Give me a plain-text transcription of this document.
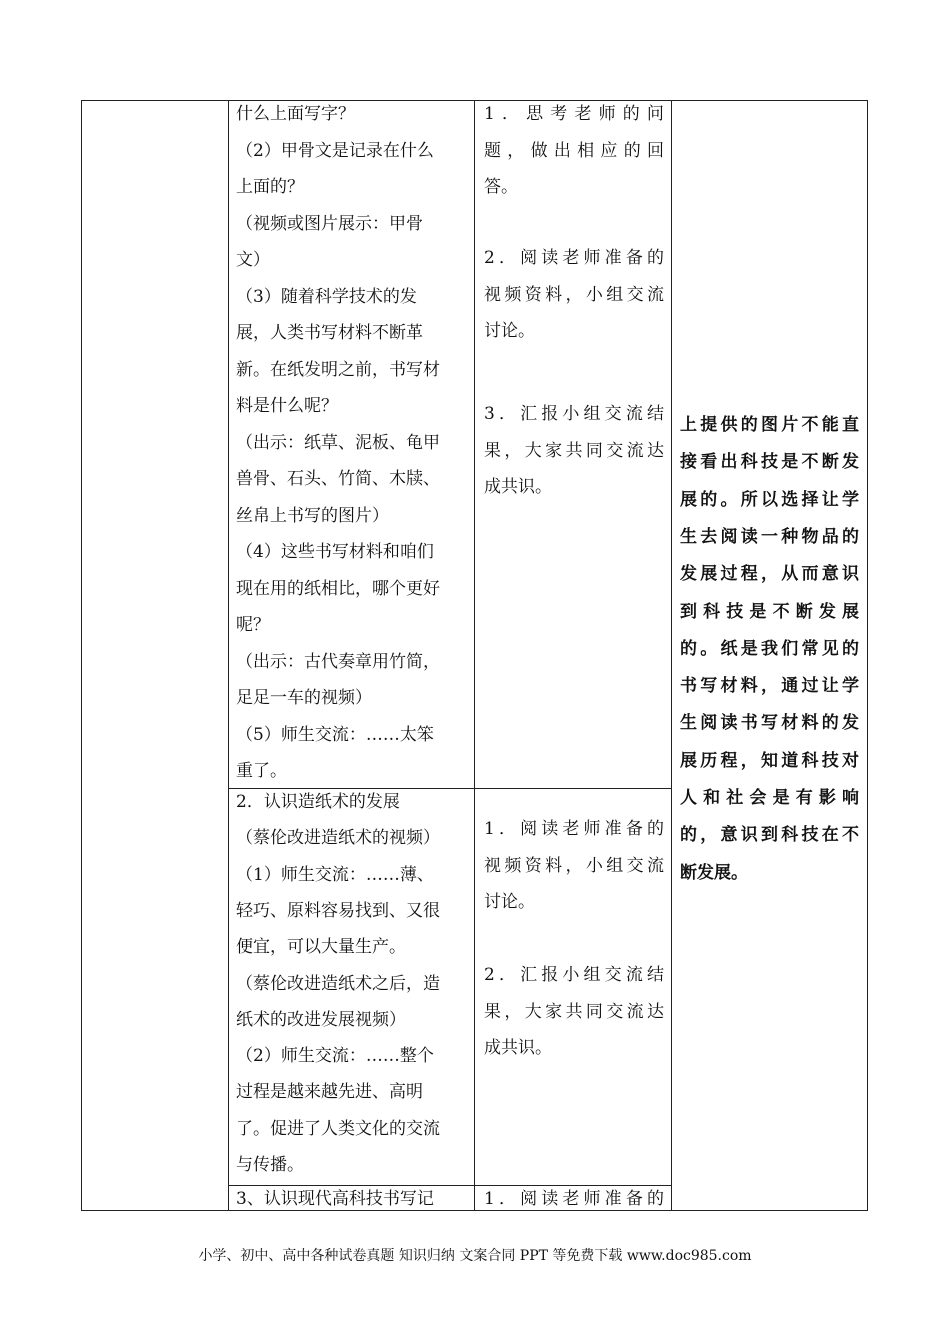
什么上面写字？
（2）甲骨文是记录在什么
上面的？
（视频或图片展示：甲骨
文）
（3）随着科学技术的发
展，人类书写材料不断革
新。在纸发明之前，书写材
料是什么呢？
（出示：纸草、泥板、龟甲
兽骨、石头、竹简、木牍、
丝帛上书写的图片）
（4）这些书写材料和咱们
现在用的纸相比，哪个更好
呢？
（出示：古代奏章用竹简，
足足一车的视频）
（5）师生交流：……太笨
重了。
2．认识造纸术的发展
（蔡伦改进造纸术的视频）
（1）师生交流：……薄、
轻巧、原料容易找到、又很
便宜，可以大量生产。
（蔡伦改进造纸术之后，造
纸术的改进发展视频）
（2）师生交流：……整个
过程是越来越先进、高明
了。促进了人类文化的交流
与传播。
3、认识现代高科技书写记
1 ． 思 考 老 师 的 问
题 ， 做 出 相 应 的 回
答。
2 ． 阅 读 老 师 准 备 的
视 频 资 料 ， 小 组 交 流
讨论。
3 ． 汇 报 小 组 交 流 结
果 ， 大 家 共 同 交 流 达
成共识。
1 ． 阅 读 老 师 准 备 的
视 频 资 料 ， 小 组 交 流
讨论。
2 ． 汇 报 小 组 交 流 结
果 ， 大 家 共 同 交 流 达
成共识。
1 ． 阅 读 老 师 准 备 的
上 提 供 的 图 片 不 能 直
接 看 出 科 技 是 不 断 发
展 的 。 所 以 选 择 让 学
生 去 阅 读 一 种 物 品 的
发 展 过 程 ， 从 而 意 识
到 科 技 是 不 断 发 展
的 。 纸 是 我 们 常 见 的
书 写 材 料 ， 通 过 让 学
生 阅 读 书 写 材 料 的 发
展 历 程 ， 知 道 科 技 对
人 和 社 会 是 有 影 响
的 ， 意 识 到 科 技 在 不
断发展。
小学、初中、高中各种试卷真题 知识归纳 文案合同 PPT 等免费下载 www.doc985.com
